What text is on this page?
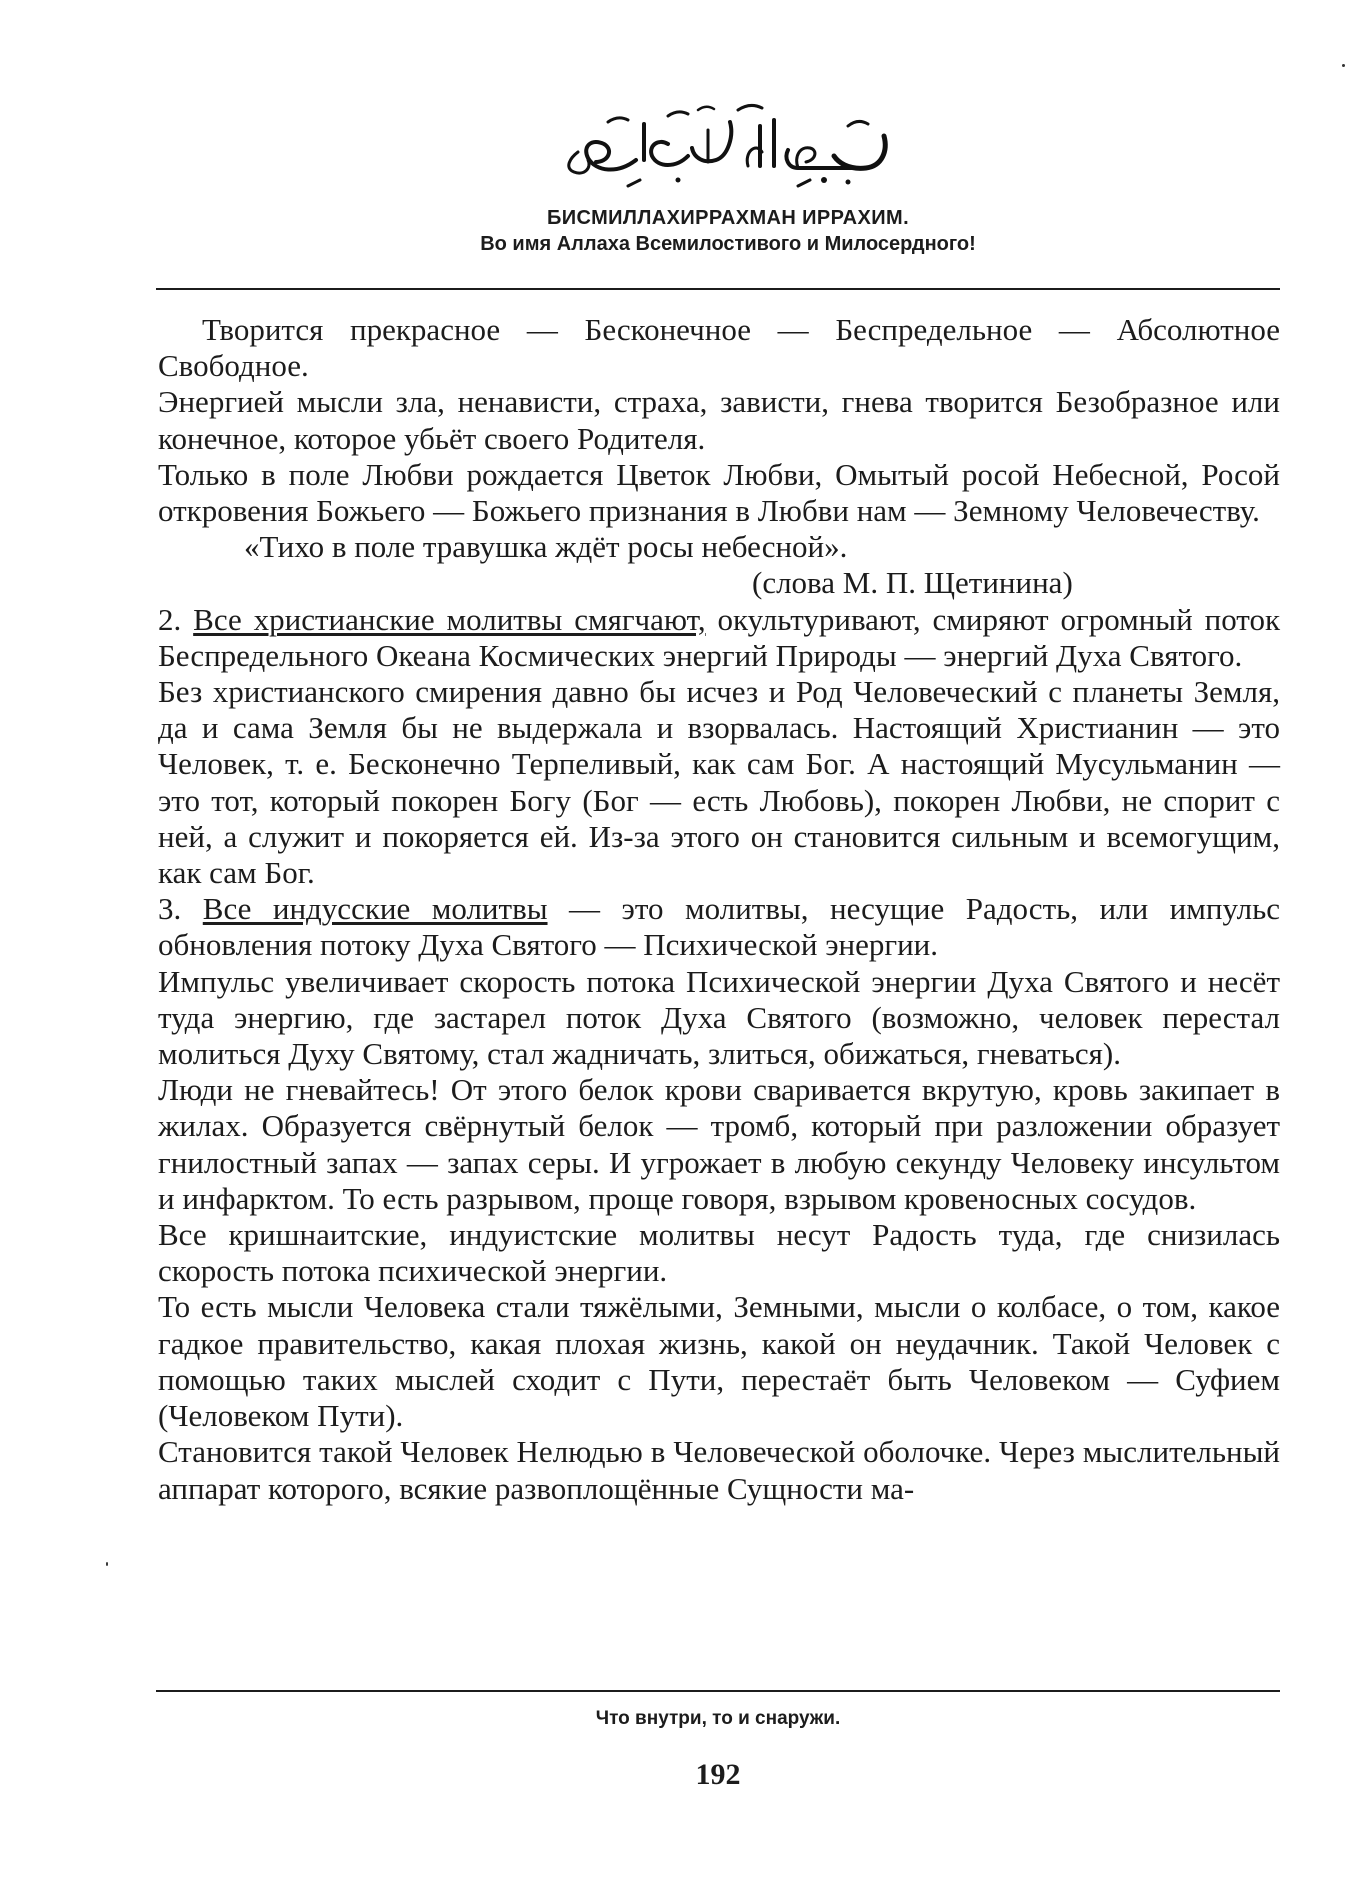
БИСМИЛЛАХИРРАХМАН ИРРАХИМ.
Во имя Аллаха Всемилостивого и Милосердного!

Творится прекрасное — Бесконечное — Беспредельное — Абсолютное Свободное.

Энергией мысли зла, ненависти, страха, зависти, гнева творится Безобразное или конечное, которое убьёт своего Родителя.

Только в поле Любви рождается Цветок Любви, Омытый росой Небесной, Росой откровения Божьего — Божьего признания в Любви нам — Земному Человечеству.

«Тихо в поле травушка ждёт росы небесной».

(слова М. П. Щетинина)

2. Все христианские молитвы смягчают, окультуривают, смиряют огромный поток Беспредельного Океана Космических энергий Природы — энергий Духа Святого.

Без христианского смирения давно бы исчез и Род Человеческий с планеты Земля, да и сама Земля бы не выдержала и взорвалась. Настоящий Христианин — это Человек, т. е. Бесконечно Терпеливый, как сам Бог. А настоящий Мусульманин — это тот, который покорен Богу (Бог — есть Любовь), покорен Любви, не спорит с ней, а служит и покоряется ей. Из-за этого он становится сильным и всемогущим, как сам Бог.

3. Все индусские молитвы — это молитвы, несущие Радость, или импульс обновления потоку Духа Святого — Психической энергии.

Импульс увеличивает скорость потока Психической энергии Духа Святого и несёт туда энергию, где застарел поток Духа Святого (возможно, человек перестал молиться Духу Святому, стал жадничать, злиться, обижаться, гневаться).

Люди не гневайтесь! От этого белок крови сваривается вкрутую, кровь закипает в жилах. Образуется свёрнутый белок — тромб, который при разложении образует гнилостный запах — запах серы. И угрожает в любую секунду Человеку инсультом и инфарктом. То есть разрывом, проще говоря, взрывом кровеносных сосудов.

Все кришнаитские, индуистские молитвы несут Радость туда, где снизилась скорость потока психической энергии.

То есть мысли Человека стали тяжёлыми, Земными, мысли о колбасе, о том, какое гадкое правительство, какая плохая жизнь, какой он неудачник. Такой Человек с помощью таких мыслей сходит с Пути, перестаёт быть Человеком — Суфием (Человеком Пути).

Становится такой Человек Нелюдью в Человеческой оболочке. Через мыслительный аппарат которого, всякие развоплощённые Сущности ма-

Что внутри, то и снаружи.
192
